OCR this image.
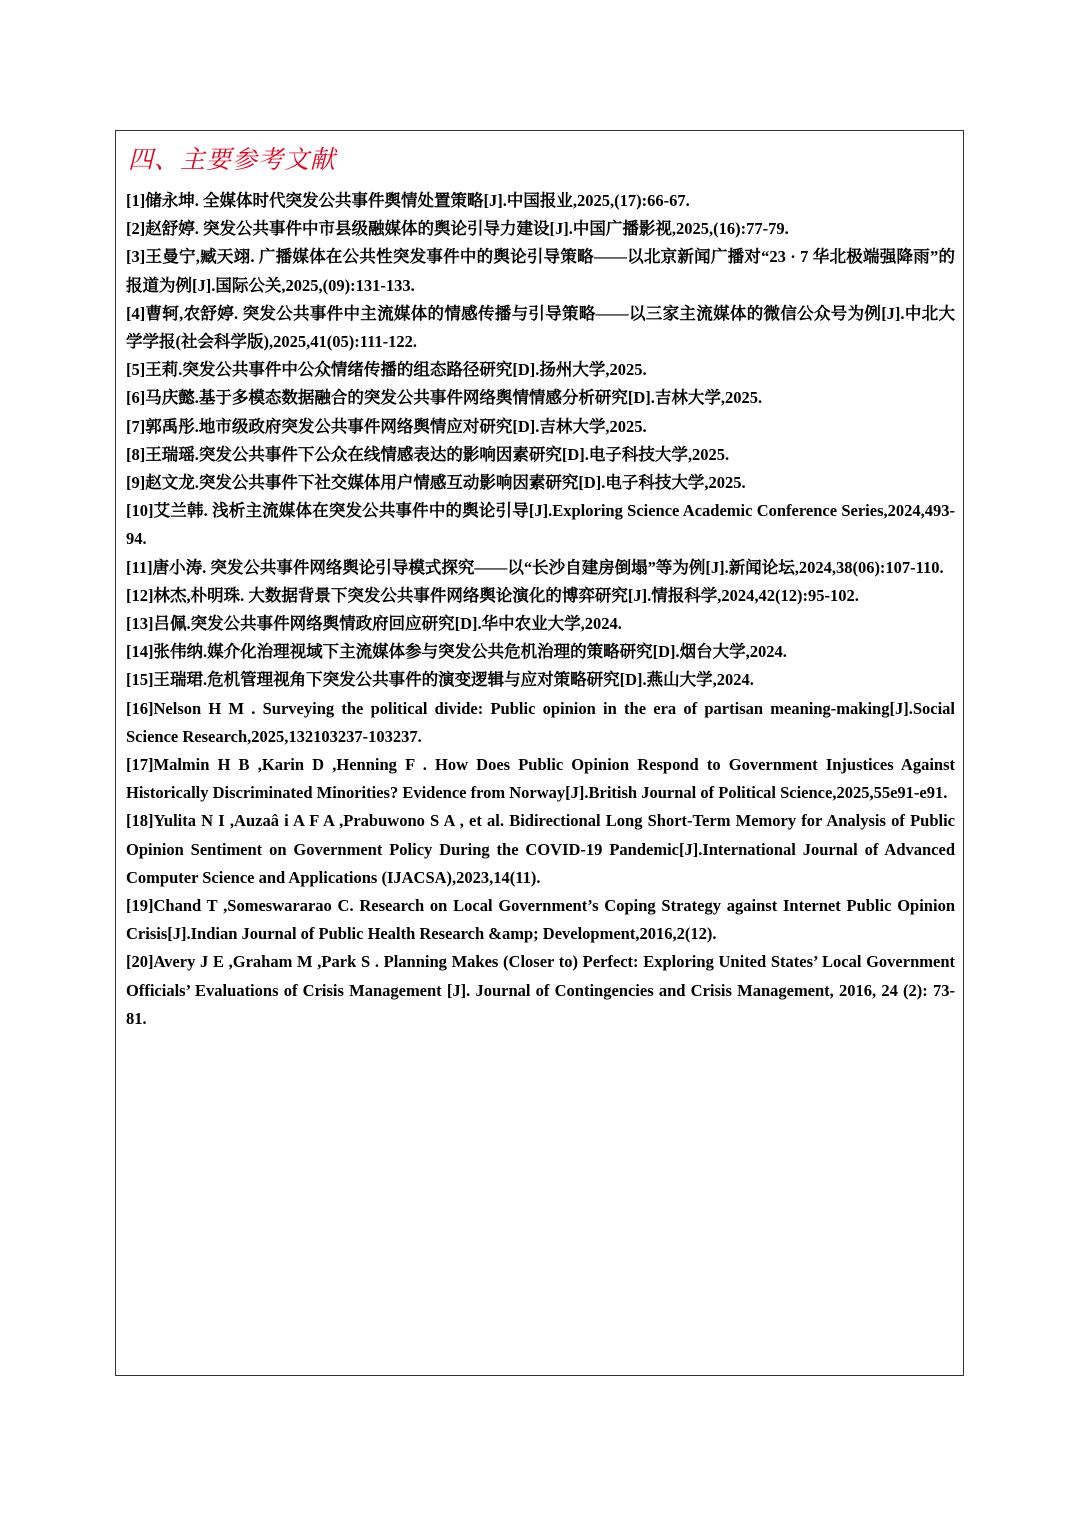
四、主要参考文献
[1]储永坤. 全媒体时代突发公共事件舆情处置策略[J].中国报业,2025,(17):66-67.
[2]赵舒婷. 突发公共事件中市县级融媒体的舆论引导力建设[J].中国广播影视,2025,(16):77-79.
[3]王曼宁,臧天翊. 广播媒体在公共性突发事件中的舆论引导策略——以北京新闻广播对“23 · 7 华北极端强降雨”的报道为例[J].国际公关,2025,(09):131-133.
[4]曹轲,农舒婷. 突发公共事件中主流媒体的情感传播与引导策略——以三家主流媒体的微信公众号为例[J].中北大学学报(社会科学版),2025,41(05):111-122.
[5]王莉.突发公共事件中公众情绪传播的组态路径研究[D].扬州大学,2025.
[6]马庆懿.基于多模态数据融合的突发公共事件网络舆情情感分析研究[D].吉林大学,2025.
[7]郭禹彤.地市级政府突发公共事件网络舆情应对研究[D].吉林大学,2025.
[8]王瑞瑶.突发公共事件下公众在线情感表达的影响因素研究[D].电子科技大学,2025.
[9]赵文龙.突发公共事件下社交媒体用户情感互动影响因素研究[D].电子科技大学,2025.
[10]艾兰韩. 浅析主流媒体在突发公共事件中的舆论引导[J].Exploring Science Academic Conference Series,2024,493-94.
[11]唐小涛. 突发公共事件网络舆论引导模式探究——以“长沙自建房倒塌”等为例[J].新闻论坛,2024,38(06):107-110.
[12]林杰,朴明珠. 大数据背景下突发公共事件网络舆论演化的博弈研究[J].情报科学,2024,42(12):95-102.
[13]吕佩.突发公共事件网络舆情政府回应研究[D].华中农业大学,2024.
[14]张伟纳.媒介化治理视域下主流媒体参与突发公共危机治理的策略研究[D].烟台大学,2024.
[15]王瑞珺.危机管理视角下突发公共事件的演变逻辑与应对策略研究[D].燕山大学,2024.
[16]Nelson H M . Surveying the political divide: Public opinion in the era of partisan meaning-making[J].Social Science Research,2025,132103237-103237.
[17]Malmin H B ,Karin D ,Henning F . How Does Public Opinion Respond to Government Injustices Against Historically Discriminated Minorities? Evidence from Norway[J].British Journal of Political Science,2025,55e91-e91.
[18]Yulita N I ,Auzaâ i A F A ,Prabuwono S A , et al. Bidirectional Long Short-Term Memory for Analysis of Public Opinion Sentiment on Government Policy During the COVID-19 Pandemic[J].International Journal of Advanced Computer Science and Applications (IJACSA),2023,14(11).
[19]Chand T ,Someswararao C. Research on Local Government’s Coping Strategy against Internet Public Opinion Crisis[J].Indian Journal of Public Health Research &amp; Development,2016,2(12).
[20]Avery J E ,Graham M ,Park S . Planning Makes (Closer to) Perfect: Exploring United States’ Local Government Officials’ Evaluations of Crisis Management [J]. Journal of Contingencies and Crisis Management, 2016, 24 (2): 73-81.
